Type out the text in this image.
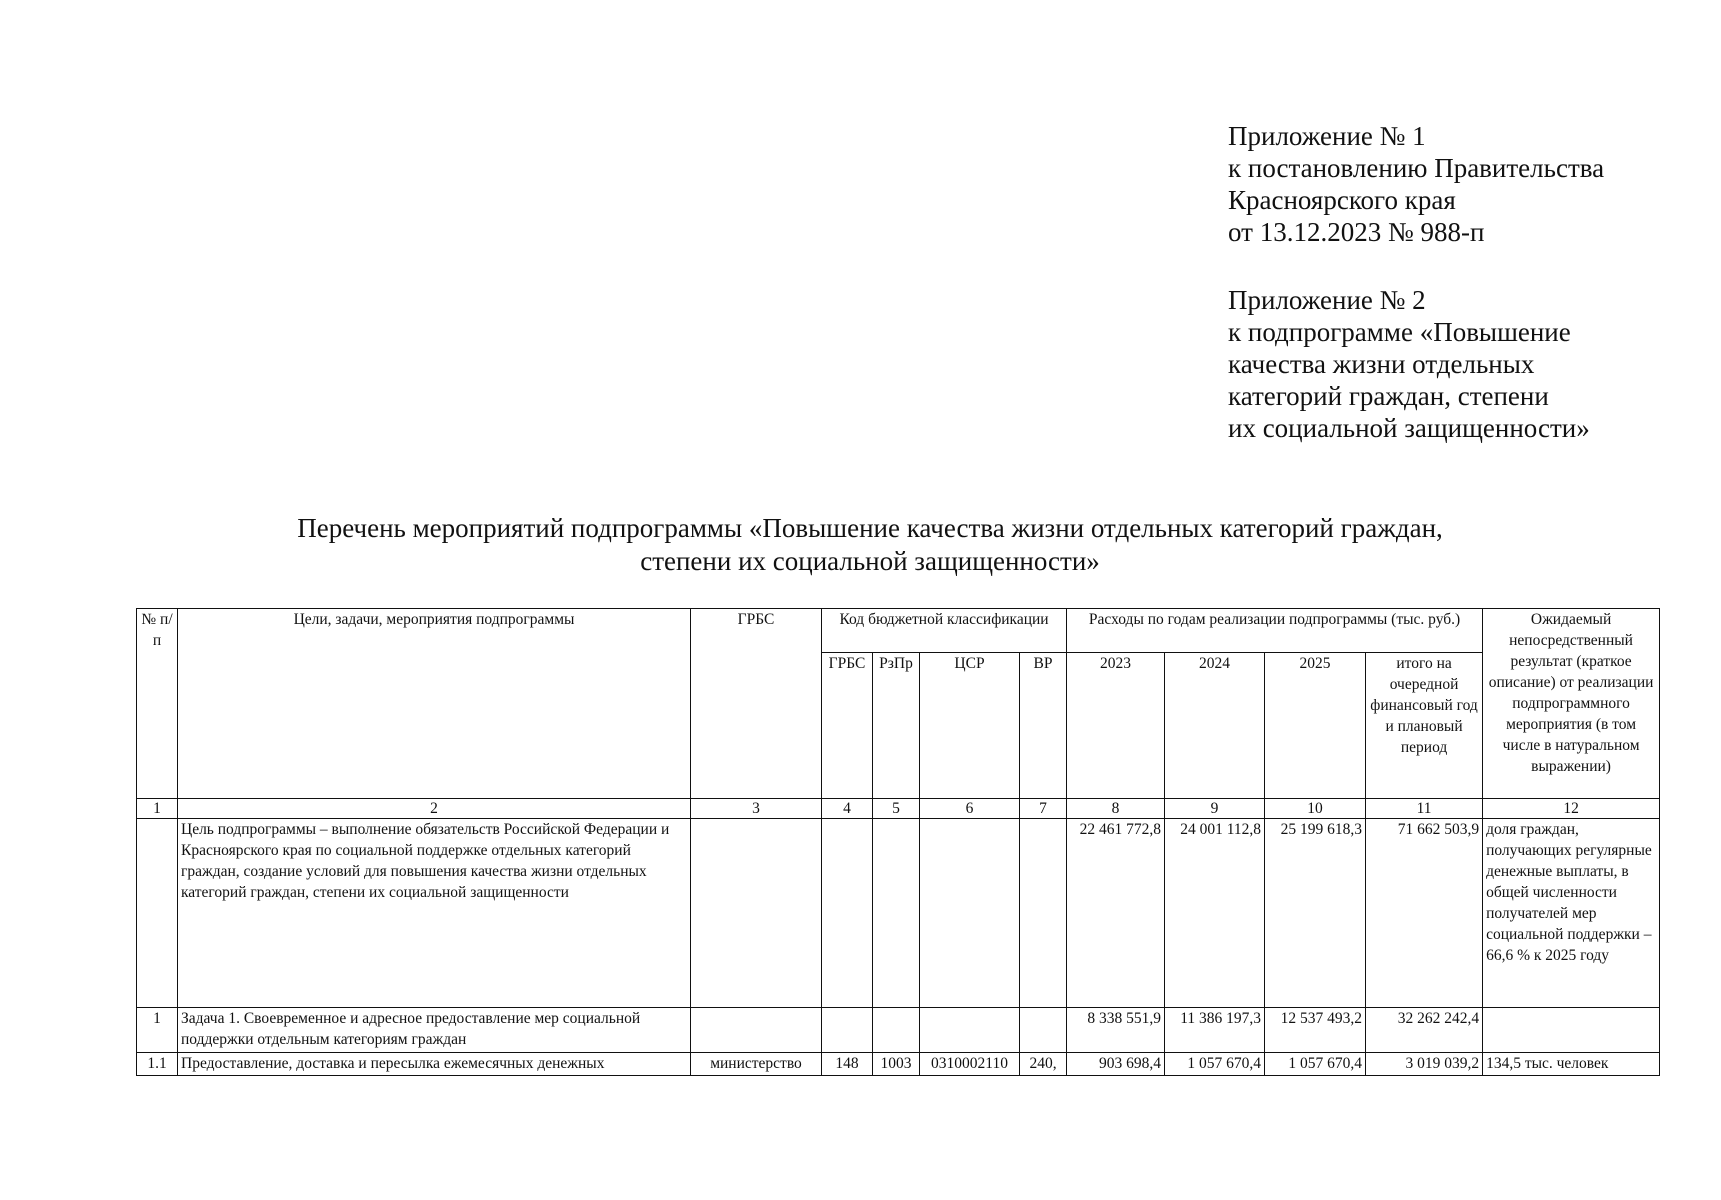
Приложение № 1
к постановлению Правительства
Красноярского края
от 13.12.2023 № 988-п
Приложение № 2
к подпрограмме «Повышение
качества жизни отдельных
категорий граждан, степени
их социальной защищенности»
Перечень мероприятий подпрограммы «Повышение качества жизни отдельных категорий граждан,
степени их социальной защищенности»
№ п/п	Цели, задачи, мероприятия подпрограммы	ГРБС	Код бюджетной классификации				Расходы по годам реализации подпрограммы (тыс. руб.)				Ожидаемый непосредственный результат (краткое описание) от реализации подпрограммного мероприятия (в том числе в натуральном выражении)
			ГРБС	РзПр	ЦСР	ВР	2023	2024	2025	итого на очередной финансовый год и плановый период	
1	2	3	4	5	6	7	8	9	10	11	12
	Цель подпрограммы – выполнение обязательств Российской Федерации и Красноярского края по социальной поддержке отдельных категорий граждан, создание условий для повышения качества жизни отдельных категорий граждан, степени их социальной защищенности						22 461 772,8	24 001 112,8	25 199 618,3	71 662 503,9	доля граждан, получающих регулярные денежные выплаты, в общей численности получателей мер социальной поддержки – 66,6 % к 2025 году
1	Задача 1. Своевременное и адресное предоставление мер социальной поддержки отдельным категориям граждан						8 338 551,9	11 386 197,3	12 537 493,2	32 262 242,4	
1.1	Предоставление, доставка и пересылка ежемесячных денежных	министерство	148	1003	0310002110	240,	903 698,4	1 057 670,4	1 057 670,4	3 019 039,2	134,5 тыс. человек
